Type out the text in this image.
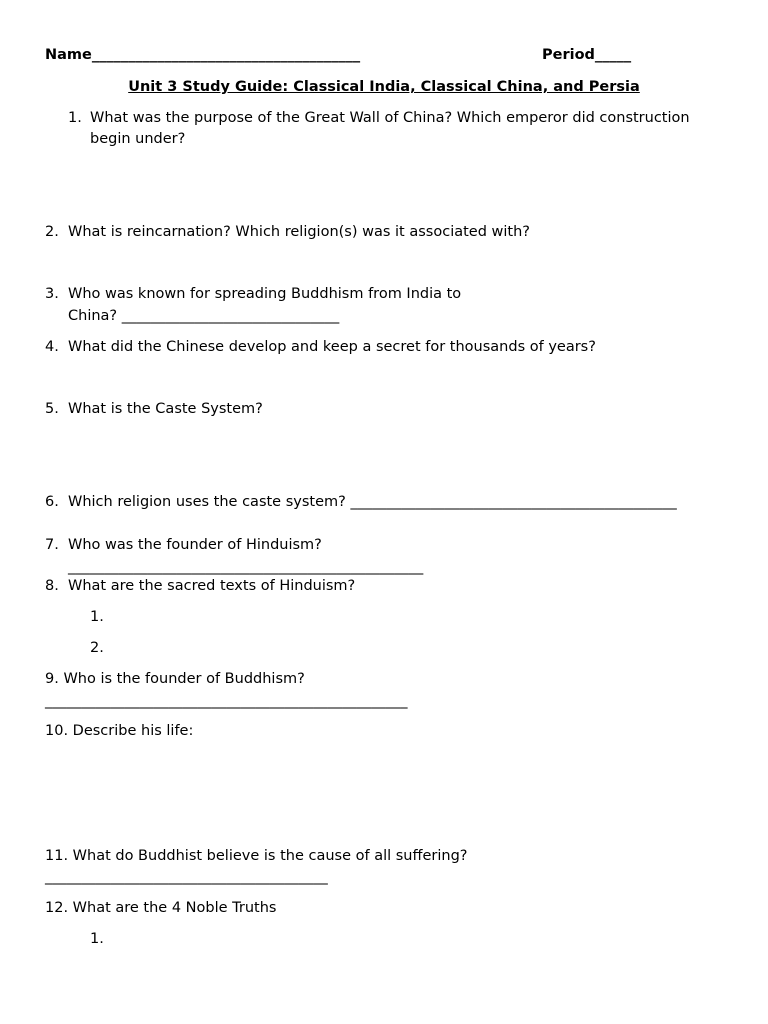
Name_____________________________________	Period_____
Unit 3 Study Guide: Classical India, Classical China, and Persia
1. What was the purpose of the Great Wall of China? Which emperor did construction
begin under?
2. What is reincarnation? Which religion(s) was it associated with?
3. Who was known for spreading Buddhism from India to
China? ______________________________
4. What did the Chinese develop and keep a secret for thousands of years?
5. What is the Caste System?
6. Which religion uses the caste system? _____________________________________________
7. Who was the founder of Hinduism?
_________________________________________________
8. What are the sacred texts of Hinduism?
1.
2.
9. Who is the founder of Buddhism?
__________________________________________________
10. Describe his life:
11. What do Buddhist believe is the cause of all suffering?
_______________________________________
12. What are the 4 Noble Truths
1.
